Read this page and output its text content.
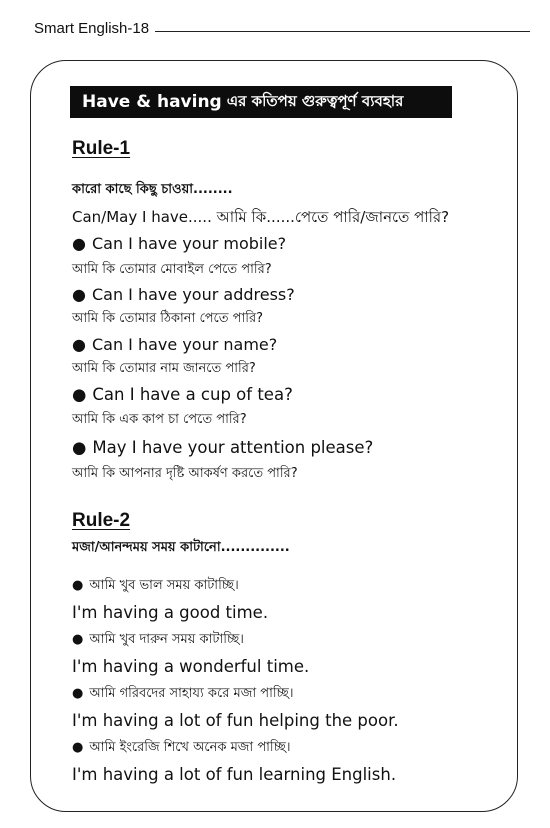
Smart English-18
Have & having এর কতিপয় গুরুত্বপূর্ণ ব্যবহার
Rule-1
কারো কাছে কিছু চাওয়া........
Can/May I have..... আমি কি......পেতে পারি/জানতে পারি?
● Can I have your mobile?
আমি কি তোমার মোবাইল পেতে পারি?
● Can I have your address?
আমি কি তোমার ঠিকানা পেতে পারি?
● Can I have your name?
আমি কি তোমার নাম জানতে পারি?
● Can I have a cup of tea?
আমি কি এক কাপ চা পেতে পারি?
● May I have your attention please?
আমি কি আপনার দৃষ্টি আকর্ষণ করতে পারি?
Rule-2
মজা/আনন্দময় সময় কাটানো..............
● আমি খুব ভাল সময় কাটাচ্ছি।
I'm having a good time.
● আমি খুব দারুন সময় কাটাচ্ছি।
I'm having a wonderful time.
● আমি গরিবদের সাহায্য করে মজা পাচ্ছি।
I'm having a lot of fun helping the poor.
● আমি ইংরেজি শিখে অনেক মজা পাচ্ছি।
I'm having a lot of fun learning English.
